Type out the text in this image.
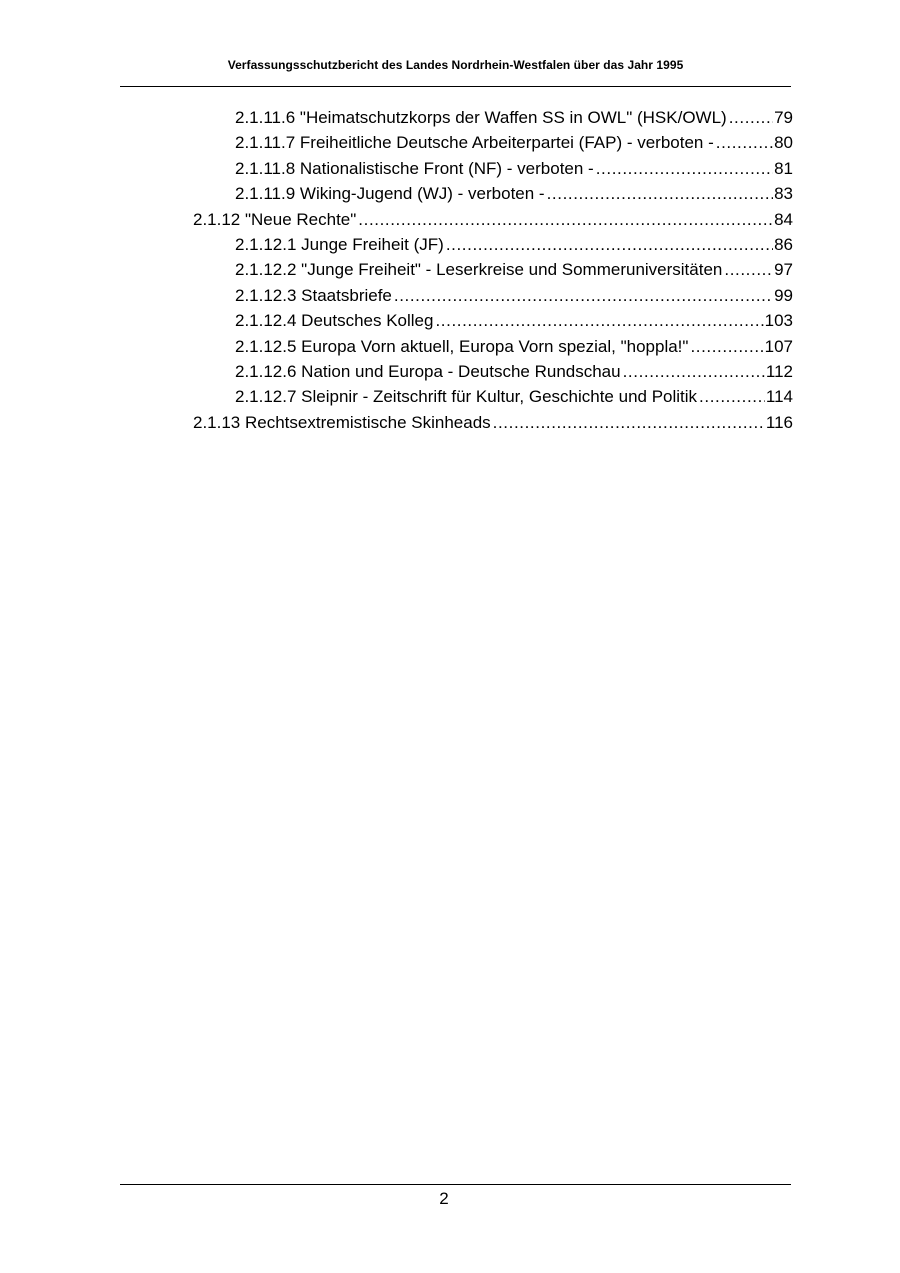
Verfassungsschutzbericht des Landes Nordrhein-Westfalen über das Jahr 1995
2.1.11.6 "Heimatschutzkorps der Waffen SS in OWL" (HSK/OWL) .....	79
2.1.11.7 Freiheitliche Deutsche Arbeiterpartei (FAP) - verboten - .....	80
2.1.11.8 Nationalistische Front (NF) - verboten - .....	81
2.1.11.9 Wiking-Jugend (WJ) - verboten - .....	83
2.1.12 "Neue Rechte" .....	84
2.1.12.1 Junge Freiheit (JF) .....	86
2.1.12.2 "Junge Freiheit" - Leserkreise und Sommeruniversitäten .....	97
2.1.12.3 Staatsbriefe .....	99
2.1.12.4 Deutsches Kolleg .....	103
2.1.12.5 Europa Vorn aktuell, Europa Vorn spezial, "hoppla!" .....	107
2.1.12.6 Nation und Europa - Deutsche Rundschau .....	112
2.1.12.7 Sleipnir - Zeitschrift für Kultur, Geschichte und Politik .....	114
2.1.13 Rechtsextremistische Skinheads .....	116
2
